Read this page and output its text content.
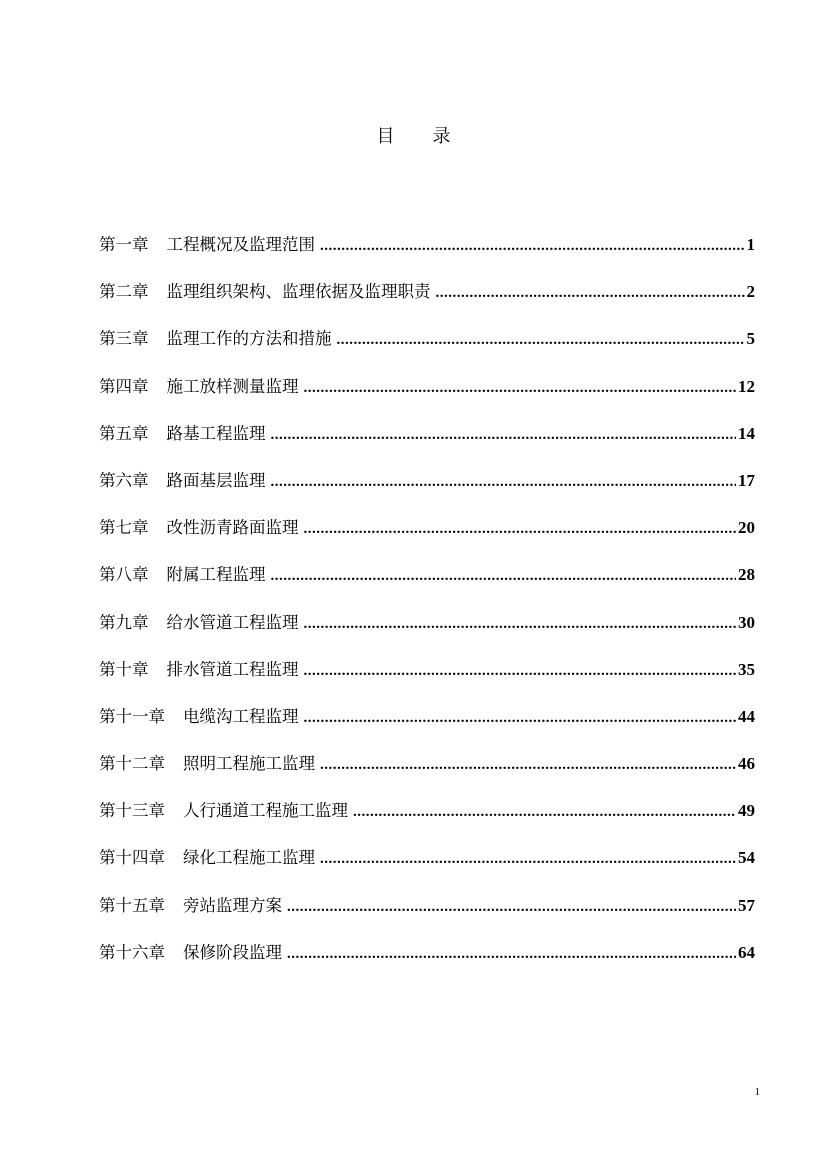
目录
第一章 工程概况及监理范围 .....	1
第二章 监理组织架构、监理依据及监理职责 .....	2
第三章 监理工作的方法和措施 .....	5
第四章 施工放样测量监理 .....	12
第五章 路基工程监理 .....	14
第六章 路面基层监理 .....	17
第七章 改性沥青路面监理 .....	20
第八章 附属工程监理 .....	28
第九章 给水管道工程监理 .....	30
第十章 排水管道工程监理 .....	35
第十一章 电缆沟工程监理 .....	44
第十二章 照明工程施工监理 .....	46
第十三章 人行通道工程施工监理 .....	49
第十四章 绿化工程施工监理 .....	54
第十五章 旁站监理方案 .....	57
第十六章 保修阶段监理 .....	64
1
